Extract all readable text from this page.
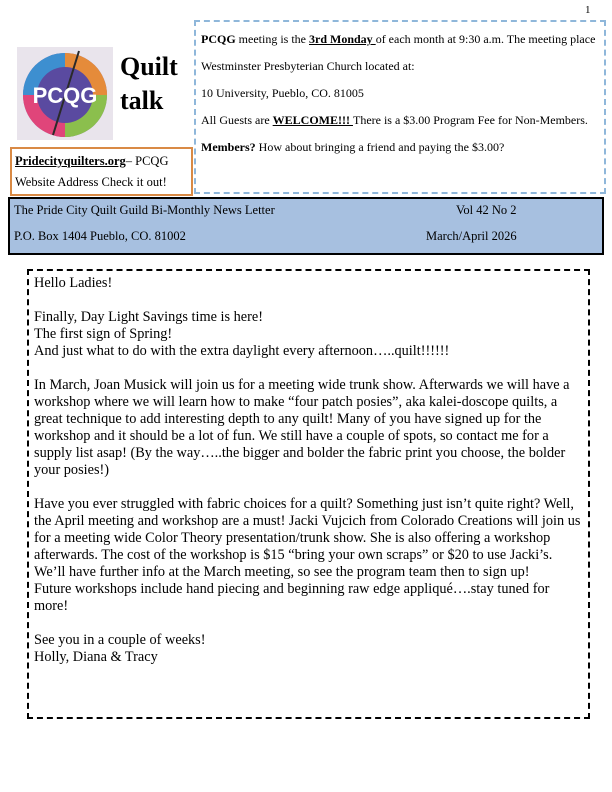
1
PCQG
Quilt
talk
Pridecityquilters.org– PCQG Website Address Check it out!
PCQG meeting is the 3rd Monday of each month at 9:30 a.m. The meeting place Westminster Presbyterian Church located at:
10 University, Pueblo, CO. 81005
All Guests are WELCOME!!! There is a $3.00 Program Fee for Non-Members.
Members? How about bringing a friend and paying the $3.00?
The Pride City Quilt Guild Bi-Monthly News Letter	Vol 42 No 2
P.O. Box 1404 Pueblo, CO. 81002	March/April 2026

Hello Ladies!

Finally, Day Light Savings time is here!

The first sign of Spring!

And just what to do with the extra daylight every afternoon…..quilt!!!!!!

In March, Joan Musick will join us for a meeting wide trunk show. Afterwards we will have a workshop where we will learn how to make “four patch posies”, aka kalei-doscope quilts, a great technique to add interesting depth to any quilt! Many of you have signed up for the workshop and it should be a lot of fun. We still have a couple of spots, so contact me for a supply list asap! (By the way…..the bigger and bolder the fabric print you choose, the bolder your posies!)

Have you ever struggled with fabric choices for a quilt? Something just isn’t quite right? Well, the April meeting and workshop are a must! Jacki Vujcich from Colorado Creations will join us for a meeting wide Color Theory presentation/trunk show. She is also offering a workshop afterwards. The cost of the workshop is $15 “bring your own scraps” or $20 to use Jacki’s. We’ll have further info at the March meeting, so see the program team then to sign up!

Future workshops include hand piecing and beginning raw edge appliqué….stay tuned for more!

See you in a couple of weeks!

Holly, Diana & Tracy
